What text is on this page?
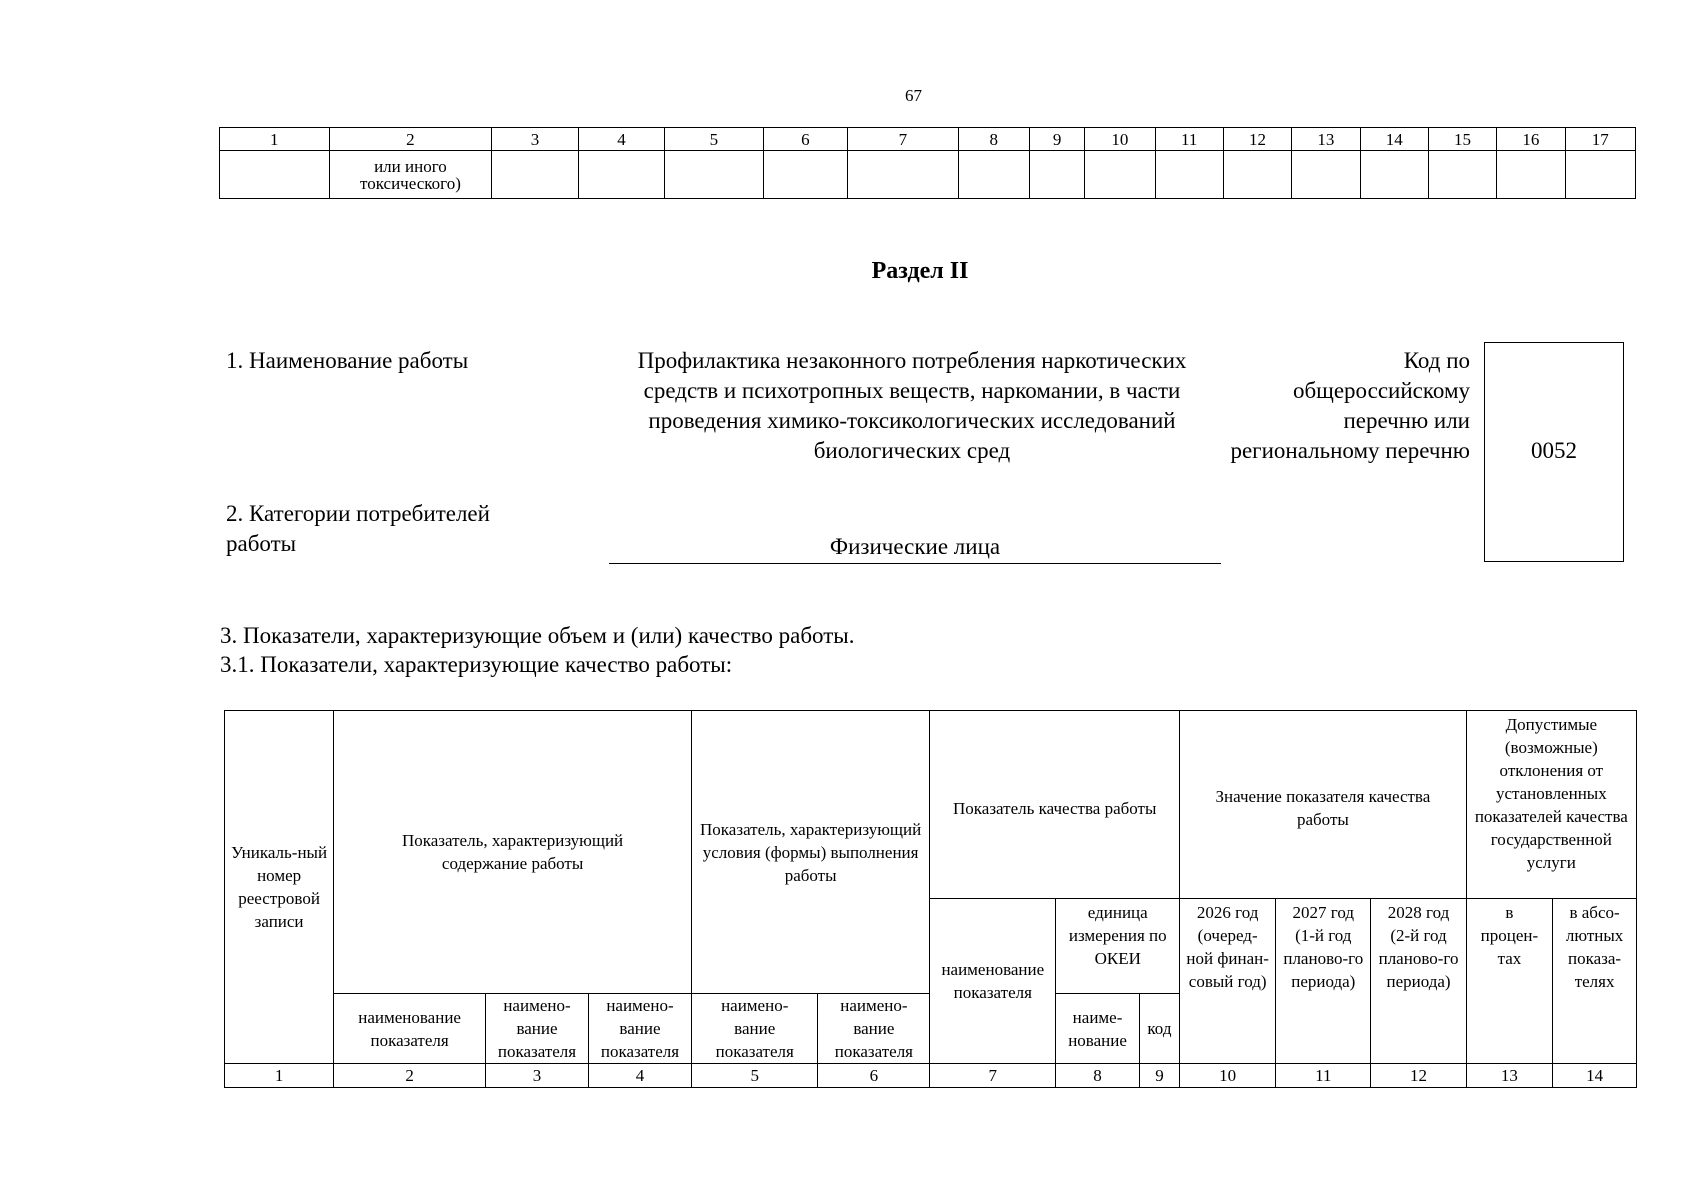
67
1	2	3	4	5	6	7	8	9	10	11	12	13	14	15	16	17
	или иного токсического)															
Раздел II
1. Наименование работы	Профилактика незаконного потребления наркотических средств и психотропных веществ, наркомании, в части проведения химико-токсикологических исследований биологических сред
Код по общероссийскому перечню или региональному перечню	0052
2. Категории потребителей работы	Физические лица
3. Показатели, характеризующие объем и (или) качество работы.
3.1. Показатели, характеризующие качество работы:
Уникаль-ный номер реестровой записи	Показатель, характеризующий содержание работы			Показатель, характеризующий условия (формы) выполнения работы		Показатель качества работы			Значение показателя качества работы			Допустимые (возможные) отклонения от установленных показателей качества государственной услуги	
						наименование показателя	единица измерения по ОКЕИ		2026 год (очеред-ной финан-совый год)	2027 год (1-й год планово-го периода)	2028 год (2-й год планово-го периода)	в процен-тах	в абсо-лютных показа-телях
	наименование показателя	наимено-вание показателя	наимено-вание показателя	наимено-вание показателя	наимено-вание показателя		наиме-нование	код					
1	2	3	4	5	6	7	8	9	10	11	12	13	14
